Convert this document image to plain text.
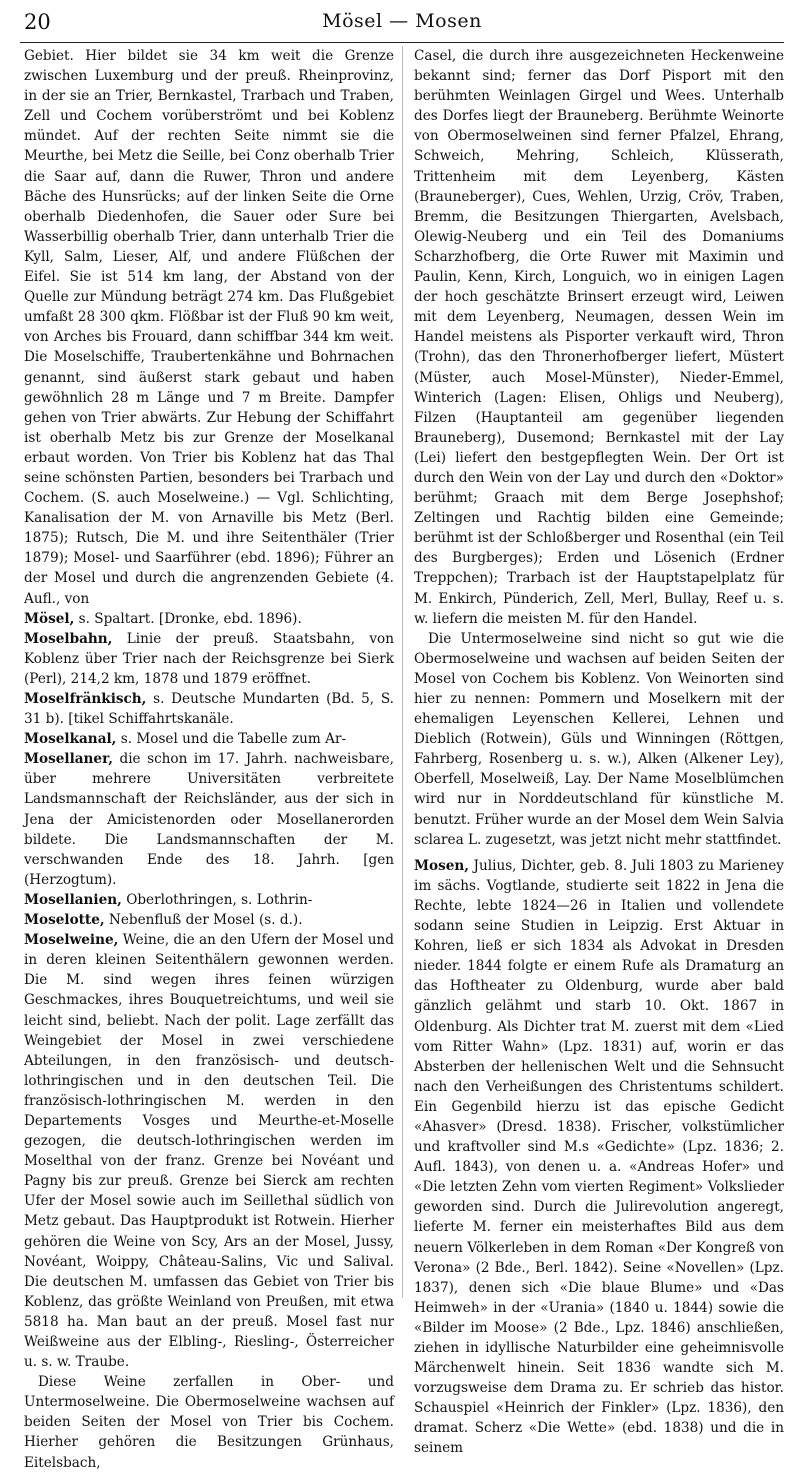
20	Mösel — Mosen

Gebiet. Hier bildet sie 34 km weit die Grenze zwischen Luxemburg und der preuß. Rheinprovinz, in der sie an Trier, Bernkastel, Trarbach und Traben, Zell und Cochem vorüberströmt und bei Koblenz mündet. Auf der rechten Seite nimmt sie die Meurthe, bei Metz die Seille, bei Conz oberhalb Trier die Saar auf, dann die Ruwer, Thron und andere Bäche des Hunsrücks; auf der linken Seite die Orne oberhalb Diedenhofen, die Sauer oder Sure bei Wasserbillig oberhalb Trier, dann unterhalb Trier die Kyll, Salm, Lieser, Alf, und andere Flüßchen der Eifel. Sie ist 514 km lang, der Abstand von der Quelle zur Mündung beträgt 274 km. Das Flußgebiet umfaßt 28 300 qkm. Flößbar ist der Fluß 90 km weit, von Arches bis Frouard, dann schiffbar 344 km weit. Die Moselschiffe, Traubertenkähne und Bohrnachen genannt, sind äußerst stark gebaut und haben gewöhnlich 28 m Länge und 7 m Breite. Dampfer gehen von Trier abwärts. Zur Hebung der Schiffahrt ist oberhalb Metz bis zur Grenze der Moselkanal erbaut worden. Von Trier bis Koblenz hat das Thal seine schönsten Partien, besonders bei Trarbach und Cochem. (S. auch Moselweine.) — Vgl. Schlichting, Kanalisation der M. von Arnaville bis Metz (Berl. 1875); Rutsch, Die M. und ihre Seitenthäler (Trier 1879); Mosel- und Saarführer (ebd. 1896); Führer an der Mosel und durch die angrenzenden Gebiete (4. Aufl., von

Mösel, s. Spaltart. [Dronke, ebd. 1896).

Moselbahn, Linie der preuß. Staatsbahn, von Koblenz über Trier nach der Reichsgrenze bei Sierk (Perl), 214,2 km, 1878 und 1879 eröffnet.

Moselfränkisch, s. Deutsche Mundarten (Bd. 5, S. 31 b). [tikel Schiffahrtskanäle.

Moselkanal, s. Mosel und die Tabelle zum Ar-

Mosellaner, die schon im 17. Jahrh. nachweisbare, über mehrere Universitäten verbreitete Landsmannschaft der Reichsländer, aus der sich in Jena der Amicistenorden oder Mosellanerorden bildete. Die Landsmannschaften der M. verschwanden Ende des 18. Jahrh. [gen (Herzogtum).

Mosellanien, Oberlothringen, s. Lothrin-

Moselotte, Nebenfluß der Mosel (s. d.).

Moselweine, Weine, die an den Ufern der Mosel und in deren kleinen Seitenthälern gewonnen werden. Die M. sind wegen ihres feinen würzigen Geschmackes, ihres Bouquetreichtums, und weil sie leicht sind, beliebt. Nach der polit. Lage zerfällt das Weingebiet der Mosel in zwei verschiedene Abteilungen, in den französisch- und deutsch-lothringischen und in den deutschen Teil. Die französisch-lothringischen M. werden in den Departements Vosges und Meurthe-et-Moselle gezogen, die deutsch-lothringischen werden im Moselthal von der franz. Grenze bei Novéant und Pagny bis zur preuß. Grenze bei Sierck am rechten Ufer der Mosel sowie auch im Seillethal südlich von Metz gebaut. Das Hauptprodukt ist Rotwein. Hierher gehören die Weine von Scy, Ars an der Mosel, Jussy, Novéant, Woippy, Château-Salins, Vic und Salival. Die deutschen M. umfassen das Gebiet von Trier bis Koblenz, das größte Weinland von Preußen, mit etwa 5818 ha. Man baut an der preuß. Mosel fast nur Weißweine aus der Elbling-, Riesling-, Österreicher u. s. w. Traube.

Diese Weine zerfallen in Ober- und Untermoselweine. Die Obermoselweine wachsen auf beiden Seiten der Mosel von Trier bis Cochem. Hierher gehören die Besitzungen Grünhaus, Eitelsbach,

Casel, die durch ihre ausgezeichneten Heckenweine bekannt sind; ferner das Dorf Pisport mit den berühmten Weinlagen Girgel und Wees. Unterhalb des Dorfes liegt der Brauneberg. Berühmte Weinorte von Obermoselweinen sind ferner Pfalzel, Ehrang, Schweich, Mehring, Schleich, Klüsserath, Trittenheim mit dem Leyenberg, Kästen (Brauneberger), Cues, Wehlen, Urzig, Cröv, Traben, Bremm, die Besitzungen Thiergarten, Avelsbach, Olewig-Neuberg und ein Teil des Domaniums Scharzhofberg, die Orte Ruwer mit Maximin und Paulin, Kenn, Kirch, Longuich, wo in einigen Lagen der hoch geschätzte Brinsert erzeugt wird, Leiwen mit dem Leyenberg, Neumagen, dessen Wein im Handel meistens als Pisporter verkauft wird, Thron (Trohn), das den Thronerhofberger liefert, Müstert (Müster, auch Mosel-Münster), Nieder-Emmel, Winterich (Lagen: Elisen, Ohligs und Neuberg), Filzen (Hauptanteil am gegenüber liegenden Brauneberg), Dusemond; Bernkastel mit der Lay (Lei) liefert den bestgepflegten Wein. Der Ort ist durch den Wein von der Lay und durch den «Doktor» berühmt; Graach mit dem Berge Josephshof; Zeltingen und Rachtig bilden eine Gemeinde; berühmt ist der Schloßberger und Rosenthal (ein Teil des Burgberges); Erden und Lösenich (Erdner Treppchen); Trarbach ist der Hauptstapelplatz für M. Enkirch, Pünderich, Zell, Merl, Bullay, Reef u. s. w. liefern die meisten M. für den Handel.

Die Untermoselweine sind nicht so gut wie die Obermoselweine und wachsen auf beiden Seiten der Mosel von Cochem bis Koblenz. Von Weinorten sind hier zu nennen: Pommern und Moselkern mit der ehemaligen Leyenschen Kellerei, Lehnen und Dieblich (Rotwein), Güls und Winningen (Röttgen, Fahrberg, Rosenberg u. s. w.), Alken (Alkener Ley), Oberfell, Moselweiß, Lay. Der Name Moselblümchen wird nur in Norddeutschland für künstliche M. benutzt. Früher wurde an der Mosel dem Wein Salvia sclarea L. zugesetzt, was jetzt nicht mehr stattfindet.

Mosen, Julius, Dichter, geb. 8. Juli 1803 zu Marieney im sächs. Vogtlande, studierte seit 1822 in Jena die Rechte, lebte 1824—26 in Italien und vollendete sodann seine Studien in Leipzig. Erst Aktuar in Kohren, ließ er sich 1834 als Advokat in Dresden nieder. 1844 folgte er einem Rufe als Dramaturg an das Hoftheater zu Oldenburg, wurde aber bald gänzlich gelähmt und starb 10. Okt. 1867 in Oldenburg. Als Dichter trat M. zuerst mit dem «Lied vom Ritter Wahn» (Lpz. 1831) auf, worin er das Absterben der hellenischen Welt und die Sehnsucht nach den Verheißungen des Christentums schildert. Ein Gegenbild hierzu ist das epische Gedicht «Ahasver» (Dresd. 1838). Frischer, volkstümlicher und kraftvoller sind M.s «Gedichte» (Lpz. 1836; 2. Aufl. 1843), von denen u. a. «Andreas Hofer» und «Die letzten Zehn vom vierten Regiment» Volkslieder geworden sind. Durch die Julirevolution angeregt, lieferte M. ferner ein meisterhaftes Bild aus dem neuern Völkerleben in dem Roman «Der Kongreß von Verona» (2 Bde., Berl. 1842). Seine «Novellen» (Lpz. 1837), denen sich «Die blaue Blume» und «Das Heimweh» in der «Urania» (1840 u. 1844) sowie die «Bilder im Moose» (2 Bde., Lpz. 1846) anschließen, ziehen in idyllische Naturbilder eine geheimnisvolle Märchenwelt hinein. Seit 1836 wandte sich M. vorzugsweise dem Drama zu. Er schrieb das histor. Schauspiel «Heinrich der Finkler» (Lpz. 1836), den dramat. Scherz «Die Wette» (ebd. 1838) und die in seinem
